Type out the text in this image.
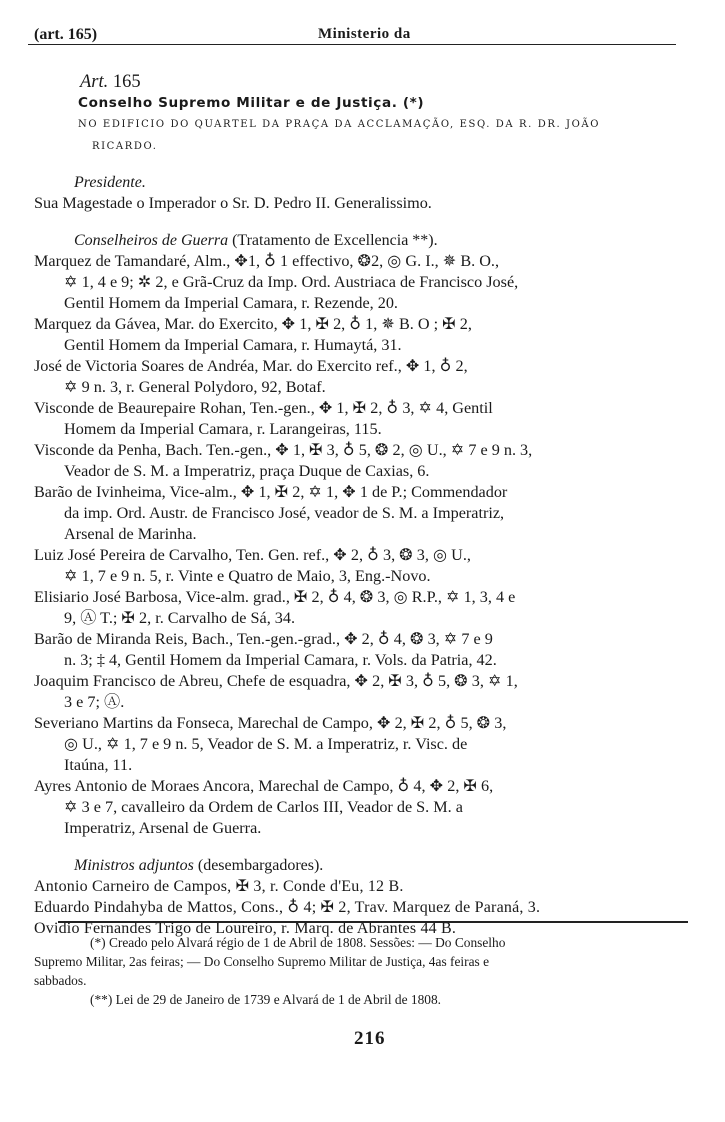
(art. 165)	Ministerio da
Art. 165
Conselho Supremo Militar e de Justiça. (*)
NO EDIFICIO DO QUARTEL DA PRAÇA DA ACCLAMAÇÃO, ESQ. DA R. DR. JOÃO
RICARDO.
Presidente.
Sua Magestade o Imperador o Sr. D. Pedro II. Generalissimo.
Conselheiros de Guerra (Tratamento de Excellencia **).
Marquez de Tamandaré, Alm., ✥1, ♁ 1 effectivo, ❂2, ◎ G. I., ✵ B. O.,
✡ 1, 4 e 9; ✲ 2, e Grã-Cruz da Imp. Ord. Austriaca de Francisco José,
Gentil Homem da Imperial Camara, r. Rezende, 20.
Marquez da Gávea, Mar. do Exercito, ✥ 1, ✠ 2, ♁ 1, ✵ B. O ; ✠ 2,
Gentil Homem da Imperial Camara, r. Humaytá, 31.
José de Victoria Soares de Andréa, Mar. do Exercito ref., ✥ 1, ♁ 2,
✡ 9 n. 3, r. General Polydoro, 92, Botaf.
Visconde de Beaurepaire Rohan, Ten.-gen., ✥ 1, ✠ 2, ♁ 3, ✡ 4, Gentil
Homem da Imperial Camara, r. Larangeiras, 115.
Visconde da Penha, Bach. Ten.-gen., ✥ 1, ✠ 3, ♁ 5, ❂ 2, ◎ U., ✡ 7 e 9 n. 3,
Veador de S. M. a Imperatriz, praça Duque de Caxias, 6.
Barão de Ivinheima, Vice-alm., ✥ 1, ✠ 2, ✡ 1, ✥ 1 de P.; Commendador
da imp. Ord. Austr. de Francisco José, veador de S. M. a Imperatriz,
Arsenal de Marinha.
Luiz José Pereira de Carvalho, Ten. Gen. ref., ✥ 2, ♁ 3, ❂ 3, ◎ U.,
✡ 1, 7 e 9 n. 5, r. Vinte e Quatro de Maio, 3, Eng.-Novo.
Elisiario José Barbosa, Vice-alm. grad., ✠ 2, ♁ 4, ❂ 3, ◎ R.P., ✡ 1, 3, 4 e
9, Ⓐ T.; ✠ 2, r. Carvalho de Sá, 34.
Barão de Miranda Reis, Bach., Ten.-gen.-grad., ✥ 2, ♁ 4, ❂ 3, ✡ 7 e 9
n. 3; ‡ 4, Gentil Homem da Imperial Camara, r. Vols. da Patria, 42.
Joaquim Francisco de Abreu, Chefe de esquadra, ✥ 2, ✠ 3, ♁ 5, ❂ 3, ✡ 1,
3 e 7; Ⓐ.
Severiano Martins da Fonseca, Marechal de Campo, ✥ 2, ✠ 2, ♁ 5, ❂ 3,
◎ U., ✡ 1, 7 e 9 n. 5, Veador de S. M. a Imperatriz, r. Visc. de
Itaúna, 11.
Ayres Antonio de Moraes Ancora, Marechal de Campo, ♁ 4, ✥ 2, ✠ 6,
✡ 3 e 7, cavalleiro da Ordem de Carlos III, Veador de S. M. a
Imperatriz, Arsenal de Guerra.
Ministros adjuntos (desembargadores).
Antonio Carneiro de Campos, ✠ 3, r. Conde d'Eu, 12 B.
Eduardo Pindahyba de Mattos, Cons., ♁ 4; ✠ 2, Trav. Marquez de Paraná, 3.
Ovidio Fernandes Trigo de Loureiro, r. Marq. de Abrantes 44 B.

(*) Creado pelo Alvará régio de 1 de Abril de 1808. Sessões: — Do Conselho

Supremo Militar, 2as feiras; — Do Conselho Supremo Militar de Justiça, 4as feiras e

sabbados.

(**) Lei de 29 de Janeiro de 1739 e Alvará de 1 de Abril de 1808.

216
